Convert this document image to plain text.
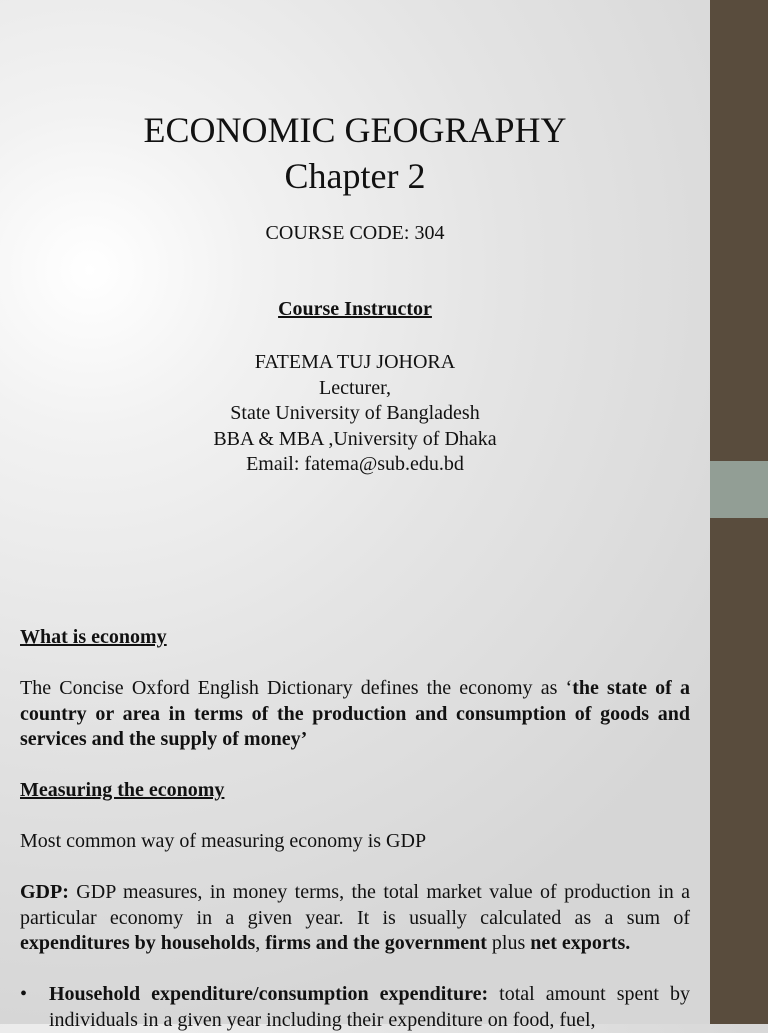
ECONOMIC GEOGRAPHY
Chapter 2
COURSE CODE: 304
Course Instructor
FATEMA TUJ JOHORA
Lecturer,
State University of Bangladesh
BBA & MBA ,University of Dhaka
Email: fatema@sub.edu.bd

What is economy

The Concise Oxford English Dictionary defines the economy as ‘the state of a country or area in terms of the production and consumption of goods and services and the supply of money’

Measuring the economy

Most common way of measuring economy is GDP

GDP: GDP measures, in money terms, the total market value of production in a particular economy in a given year. It is usually calculated as a sum of expenditures by households, firms and the government plus net exports.

•	Household expenditure/consumption expenditure: total amount spent by individuals in a given year including their expenditure on food, fuel,
